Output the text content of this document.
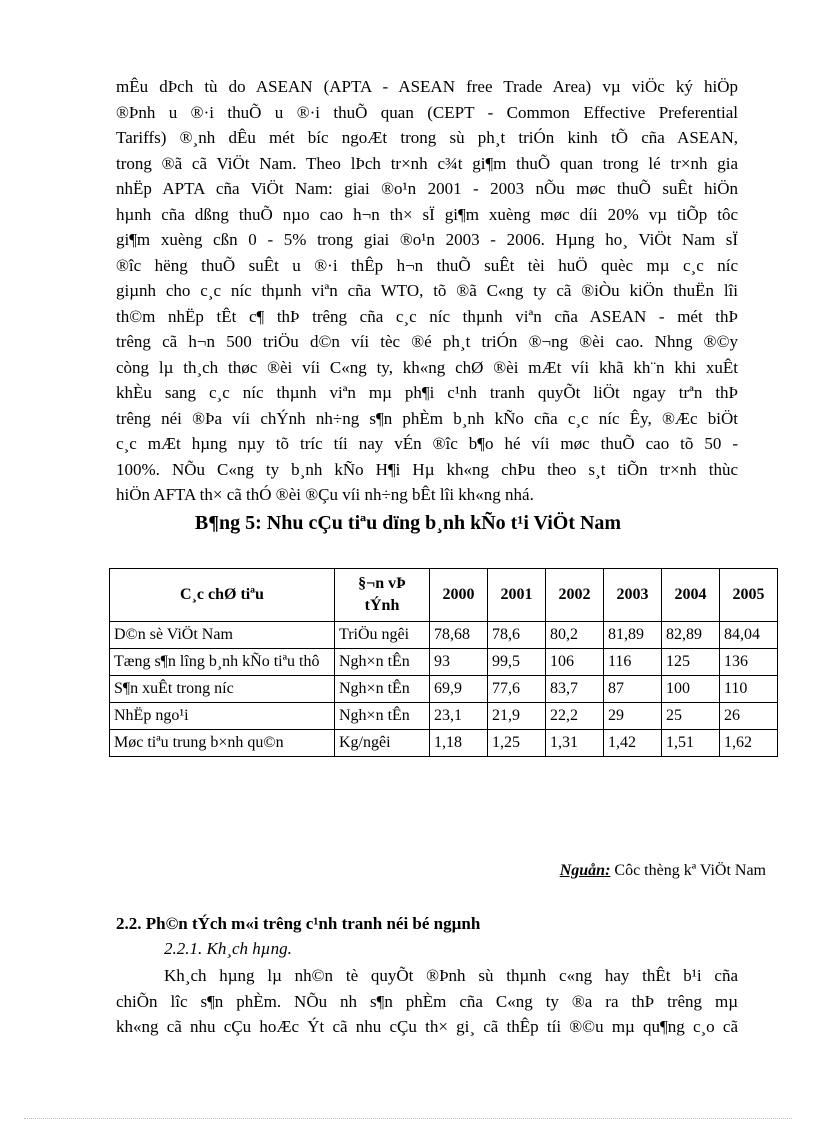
mÊu dÞch tù do ASEAN (APTA - ASEAN free Trade Area) vµ viÖc ký hiÖp
®Þnh u ®·i thuÕ u ®·i thuÕ quan (CEPT - Common Effective Preferential
Tariffs) ®¸nh dÊu mét bíc ngoÆt trong sù ph¸t triÓn kinh tÕ cña ASEAN,
trong ®ã cã ViÖt Nam. Theo lÞch tr×nh c¾t gi¶m thuÕ quan trong lé tr×nh gia
nhËp APTA cña ViÖt Nam: giai ®o¹n 2001 - 2003 nÕu møc thuÕ suÊt hiÖn
hµnh cña dßng thuÕ nµo cao h¬n th× sÏ gi¶m xuèng møc díi 20% vµ tiÕp tôc
gi¶m xuèng cßn 0 - 5% trong giai ®o¹n 2003 - 2006. Hµng ho¸ ViÖt Nam sÏ
®îc hëng thuÕ suÊt u ®·i thÊp h¬n thuÕ suÊt tèi huÖ quèc mµ c¸c níc
giµnh cho c¸c níc thµnh viªn cña WTO, tõ ®ã C«ng ty cã ®iÒu kiÖn thuËn lîi
th©m nhËp tÊt c¶ thÞ trêng cña c¸c níc thµnh viªn cña ASEAN - mét thÞ
trêng cã h¬n 500 triÖu d©n víi tèc ®é ph¸t triÓn ®¬ng ®èi cao. Nhng ®©y
còng lµ th¸ch thøc ®èi víi C«ng ty, kh«ng chØ ®èi mÆt víi khã kh¨n khi xuÊt
khÈu sang c¸c níc thµnh viªn mµ ph¶i c¹nh tranh quyÕt liÖt ngay trªn thÞ
trêng néi ®Þa víi chÝnh nh÷ng s¶n phÈm b¸nh kÑo cña c¸c níc Êy, ®Æc biÖt
c¸c mÆt hµng nµy tõ tríc tíi nay vÉn ®îc b¶o hé víi møc thuÕ cao tõ 50 -
100%. NÕu C«ng ty b¸nh kÑo H¶i Hµ kh«ng chÞu theo s¸t tiÕn tr×nh thùc
hiÖn AFTA th× cã thÓ ®èi ®Çu víi nh÷ng bÊt lîi kh«ng nhá.
B¶ng 5: Nhu cÇu tiªu dïng b¸nh kÑo t¹i ViÖt Nam
C¸c chØ tiªu	§¬n vÞ tÝnh	2000	2001	2002	2003	2004	2005
D©n sè ViÖt Nam	TriÖu ngêi	78,68	78,6	80,2	81,89	82,89	84,04
Tæng s¶n lîng b¸nh kÑo tiªu thô	Ngh×n tÊn	93	99,5	106	116	125	136
S¶n xuÊt trong níc	Ngh×n tÊn	69,9	77,6	83,7	87	100	110
NhËp ngo¹i	Ngh×n tÊn	23,1	21,9	22,2	29	25	26
Møc tiªu trung b×nh qu©n	Kg/ngêi	1,18	1,25	1,31	1,42	1,51	1,62
Nguån: Côc thèng kª ViÖt Nam
2.2. Ph©n tÝch m«i trêng c¹nh tranh néi bé ngµnh
2.2.1. Kh¸ch hµng.
Kh¸ch hµng lµ nh©n tè quyÕt ®Þnh sù thµnh c«ng hay thÊt b¹i cña
chiÕn lîc s¶n phÈm. NÕu nh s¶n phÈm cña C«ng ty ®a ra thÞ trêng mµ
kh«ng cã nhu cÇu hoÆc Ýt cã nhu cÇu th× gi¸ cã thÊp tíi ®©u mµ qu¶ng c¸o cã
